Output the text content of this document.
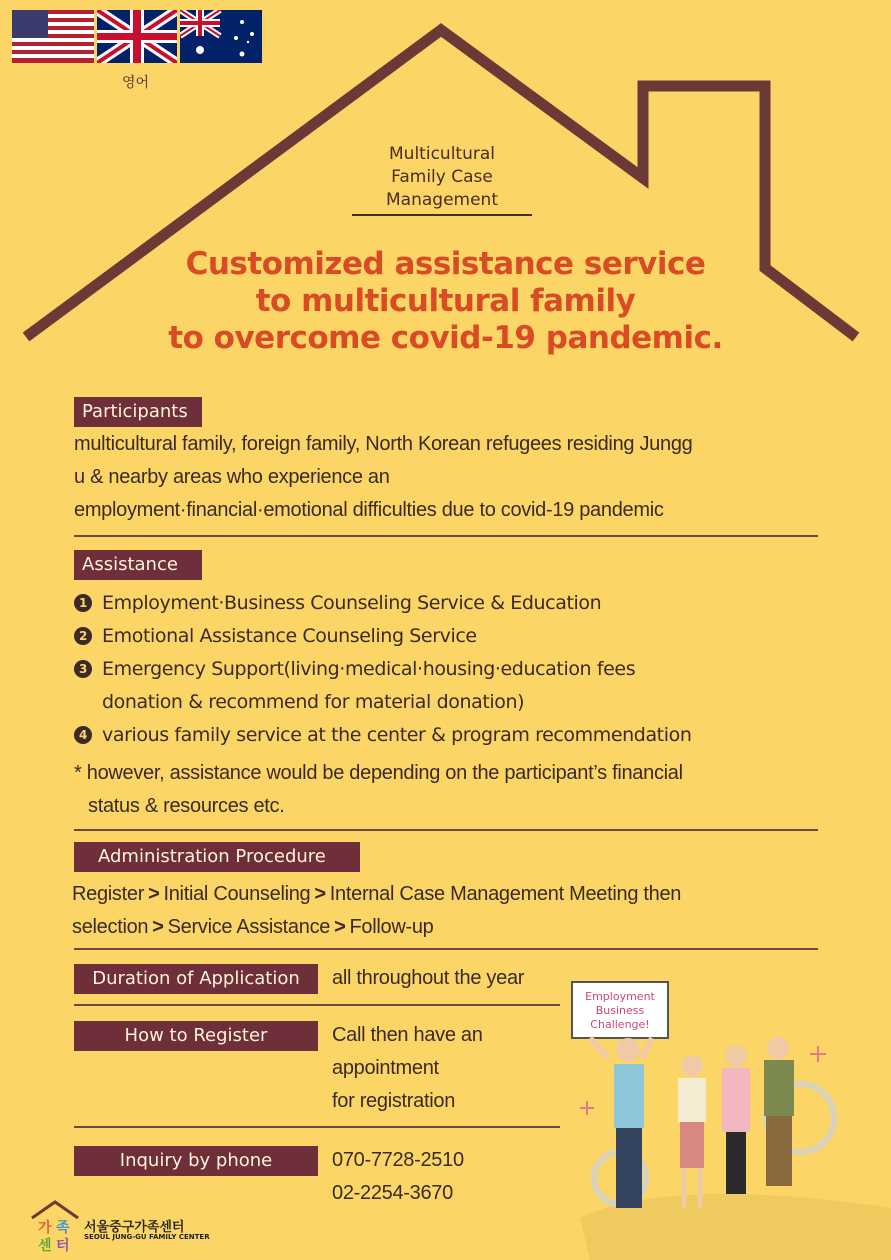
영어
Multicultural
Family Case
Management
Customized assistance service
to multicultural family
to overcome covid-19 pandemic.
Participants
multicultural family, foreign family, North Korean refugees residing Jungg
u & nearby areas who experience an
employment·financial·emotional difficulties due to covid-19 pandemic
Assistance
1 Employment·Business Counseling Service & Education
2 Emotional Assistance Counseling Service
3 Emergency Support(living·medical·housing·education fees
donation & recommend for material donation)
4 various family service at the center & program recommendation
* however, assistance would be depending on the participant’s financial
status & resources etc.
Administration Procedure
Register > Initial Counseling > Internal Case Management Meeting then
selection > Service Assistance > Follow-up
Duration of Application	all throughout the year
How to Register	Call then have an
appointment
for registration
Inquiry by phone	070-7728-2510
02-2254-3670
Employment
Business
Challenge!
가 족
센 터
서울중구가족센터
SEOUL JUNG-GU FAMILY CENTER
